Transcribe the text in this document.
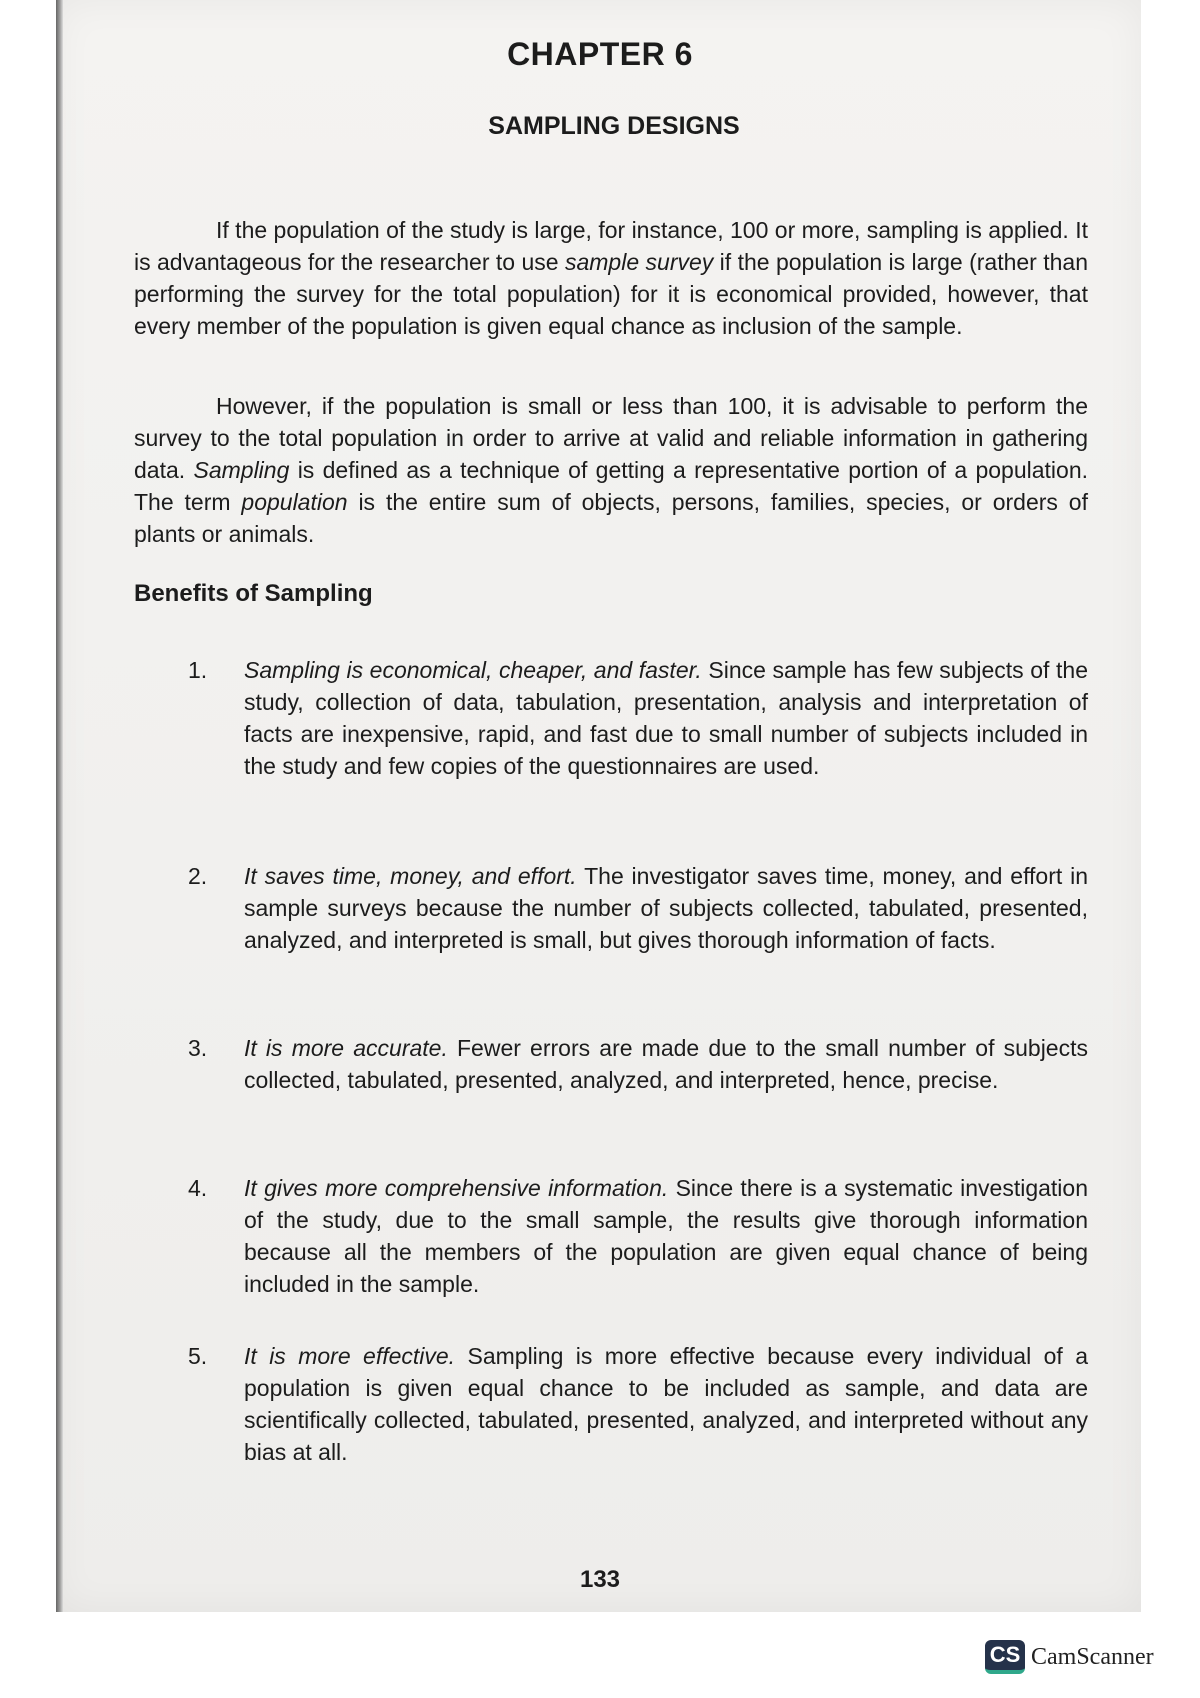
CHAPTER 6
SAMPLING DESIGNS

If the population of the study is large, for instance, 100 or more, sampling is applied. It is advantageous for the researcher to use sample survey if the population is large (rather than performing the survey for the total population) for it is economical provided, however, that every member of the population is given equal chance as inclusion of the sample.

However, if the population is small or less than 100, it is advisable to perform the survey to the total population in order to arrive at valid and reliable information in gathering data. Sampling is defined as a technique of getting a representative portion of a population. The term population is the entire sum of objects, persons, families, species, or orders of plants or animals.

Benefits of Sampling
1.	Sampling is economical, cheaper, and faster. Since sample has few subjects of the study, collection of data, tabulation, presentation, analysis and interpretation of facts are inexpensive, rapid, and fast due to small number of subjects included in the study and few copies of the questionnaires are used.
2.	It saves time, money, and effort. The investigator saves time, money, and effort in sample surveys because the number of subjects collected, tabulated, presented, analyzed, and interpreted is small, but gives thorough information of facts.
3.	It is more accurate. Fewer errors are made due to the small number of subjects collected, tabulated, presented, analyzed, and interpreted, hence, precise.
4.	It gives more comprehensive information. Since there is a systematic investigation of the study, due to the small sample, the results give thorough information because all the members of the population are given equal chance of being included in the sample.
5.	It is more effective. Sampling is more effective because every individual of a population is given equal chance to be included as sample, and data are scientifically collected, tabulated, presented, analyzed, and interpreted without any bias at all.
133
CS CamScanner
